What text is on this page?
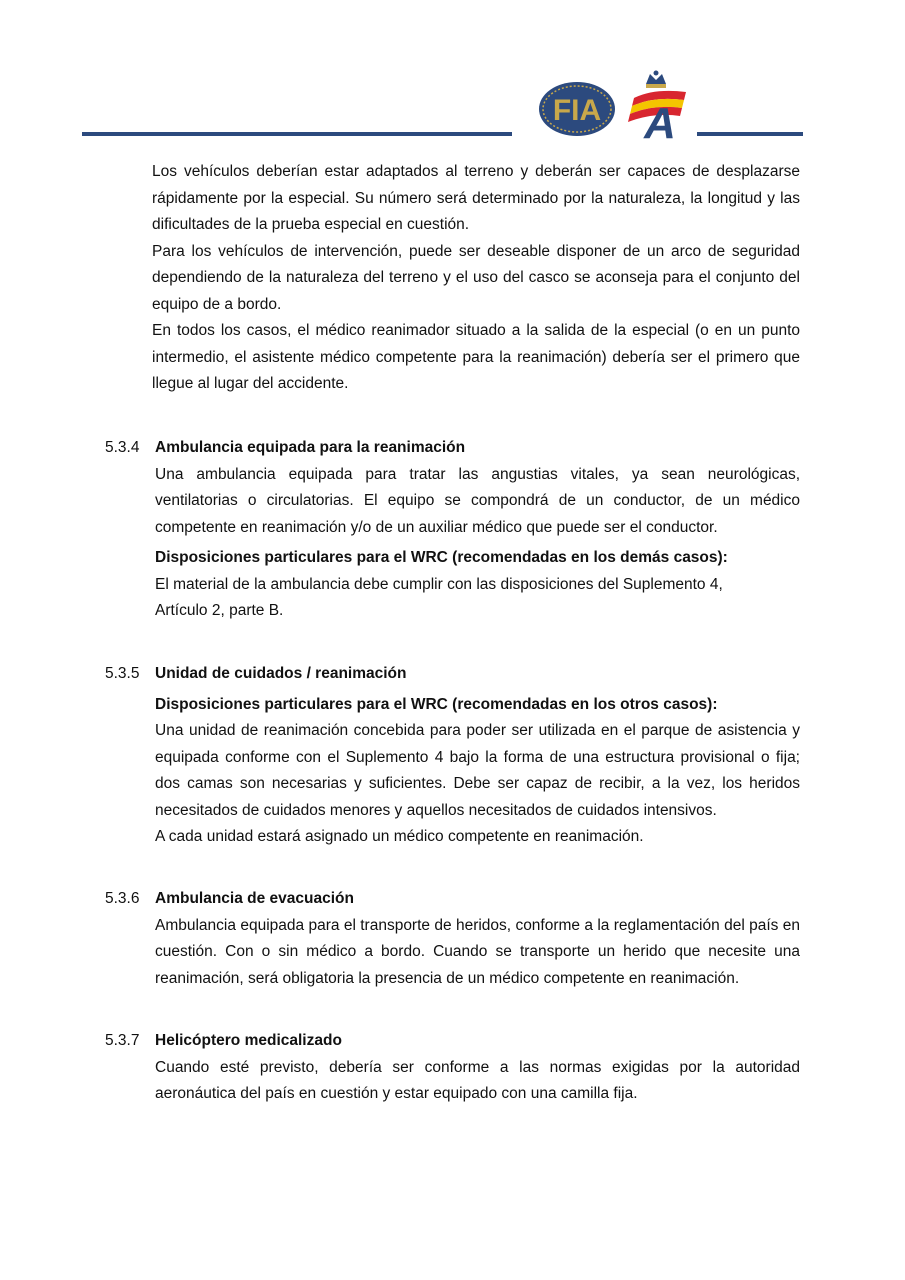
FIA A

Los vehículos deberían estar adaptados al terreno y deberán ser capaces de desplazarse rápidamente por la especial. Su número será determinado por la naturaleza, la longitud y las dificultades de la prueba especial en cuestión.

Para los vehículos de intervención, puede ser deseable disponer de un arco de seguridad dependiendo de la naturaleza del terreno y el uso del casco se aconseja para el conjunto del equipo de a bordo.

En todos los casos, el médico reanimador situado a la salida de la especial (o en un punto intermedio, el asistente médico competente para la reanimación) debería ser el primero que llegue al lugar del accidente.

5.3.4 Ambulancia equipada para la reanimación

Una ambulancia equipada para tratar las angustias vitales, ya sean neurológicas, ventilatorias o circulatorias. El equipo se compondrá de un conductor, de un médico competente en reanimación y/o de un auxiliar médico que puede ser el conductor.

Disposiciones particulares para el WRC (recomendadas en los demás casos):

El material de la ambulancia debe cumplir con las disposiciones del Suplemento 4,

Artículo 2, parte B.

5.3.5 Unidad de cuidados / reanimación

Disposiciones particulares para el WRC (recomendadas en los otros casos):

Una unidad de reanimación concebida para poder ser utilizada en el parque de asistencia y equipada conforme con el Suplemento 4 bajo la forma de una estructura provisional o fija; dos camas son necesarias y suficientes. Debe ser capaz de recibir, a la vez, los heridos necesitados de cuidados menores y aquellos necesitados de cuidados intensivos.

A cada unidad estará asignado un médico competente en reanimación.

5.3.6 Ambulancia de evacuación

Ambulancia equipada para el transporte de heridos, conforme a la reglamentación del país en cuestión. Con o sin médico a bordo. Cuando se transporte un herido que necesite una reanimación, será obligatoria la presencia de un médico competente en reanimación.

5.3.7 Helicóptero medicalizado

Cuando esté previsto, debería ser conforme a las normas exigidas por la autoridad aeronáutica del país en cuestión y estar equipado con una camilla fija.
